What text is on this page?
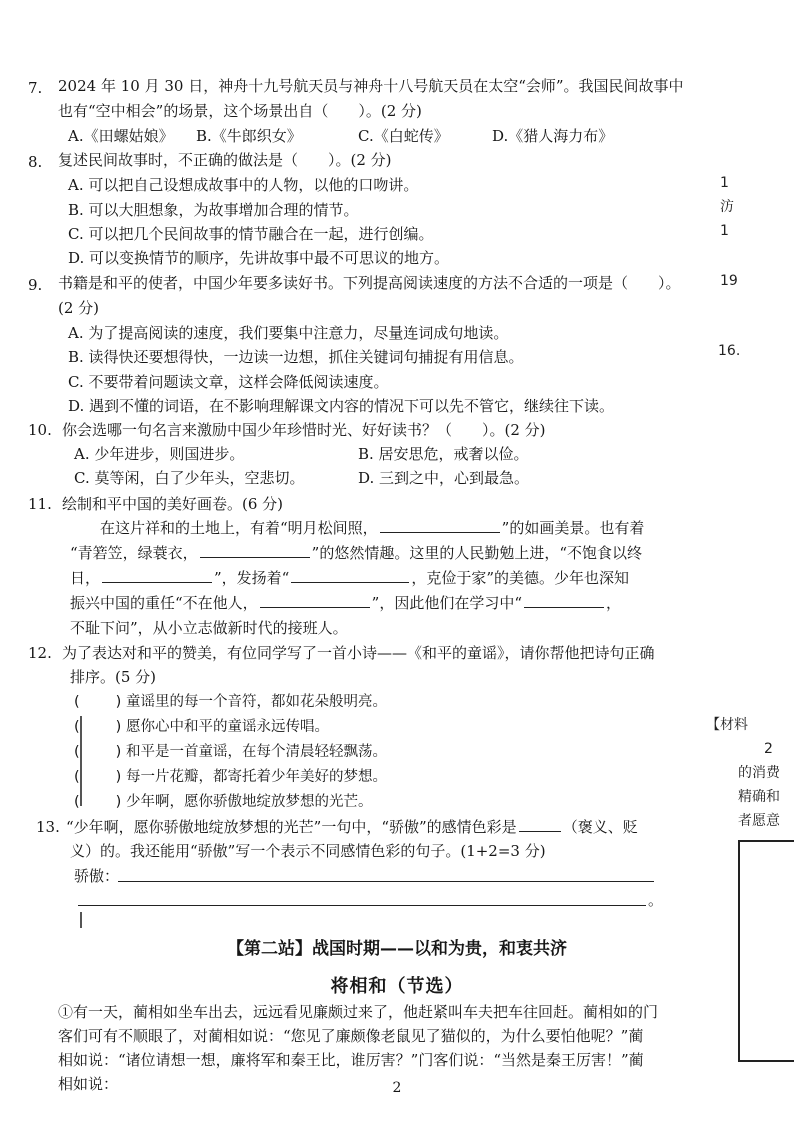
7. 2024 年 10 月 30 日，神舟十九号航天员与神舟十八号航天员在太空“会师”。我国民间故事中
也有“空中相会”的场景，这个场景出自（　　）。(2 分)
A.《田螺姑娘》 B.《牛郎织女》	C.《白蛇传》	D.《猎人海力布》
8. 复述民间故事时，不正确的做法是（　　）。(2 分)
A. 可以把自己设想成故事中的人物，以他的口吻讲。
B. 可以大胆想象，为故事增加合理的情节。
C. 可以把几个民间故事的情节融合在一起，进行创编。
D. 可以变换情节的顺序，先讲故事中最不可思议的地方。
9. 书籍是和平的使者，中国少年要多读好书。下列提高阅读速度的方法不合适的一项是（　　）。
(2 分)
A. 为了提高阅读的速度，我们要集中注意力，尽量连词成句地读。
B. 读得快还要想得快，一边读一边想，抓住关键词句捕捉有用信息。
C. 不要带着问题读文章，这样会降低阅读速度。
D. 遇到不懂的词语，在不影响理解课文内容的情况下可以先不管它，继续往下读。
10. 你会选哪一句名言来激励中国少年珍惜时光、好好读书？（　　）。(2 分)
A. 少年进步，则国进步。	B. 居安思危，戒奢以俭。
C. 莫等闲，白了少年头，空悲切。	D. 三到之中，心到最急。
11. 绘制和平中国的美好画卷。(6 分)
在这片祥和的土地上，有着“明月松间照，	”的如画美景。也有着
“青箬笠，绿蓑衣，	”的悠然情趣。这里的人民勤勉上进，“不饱食以终
日，	”，发扬着“	，克俭于家”的美德。少年也深知
振兴中国的重任“不在他人，	”，因此他们在学习中“	，
不耻下问”，从小立志做新时代的接班人。
12. 为了表达对和平的赞美，有位同学写了一首小诗——《和平的童谣》，请你帮他把诗句正确
排序。(5 分)
( ) 童谣里的每一个音符，都如花朵般明亮。
( ) 愿你心中和平的童谣永远传唱。
( ) 和平是一首童谣，在每个清晨轻轻飘荡。
( ) 每一片花瓣，都寄托着少年美好的梦想。
( ) 少年啊，愿你骄傲地绽放梦想的光芒。
13. “少年啊，愿你骄傲地绽放梦想的光芒”一句中，“骄傲”的感情色彩是	（褒义、贬
义）的。我还能用“骄傲”写一个表示不同感情色彩的句子。(1+2=3 分)
骄傲：
。
【第二站】战国时期——以和为贵，和衷共济
将相和（节选）
①有一天，蔺相如坐车出去，远远看见廉颇过来了，他赶紧叫车夫把车往回赶。蔺相如的门客们可有不顺眼了，对蔺相如说：“您见了廉颇像老鼠见了猫似的，为什么要怕他呢？”蔺相如说：“诸位请想一想，廉将军和秦王比，谁厉害？”门客们说：“当然是秦王厉害！”蔺相如说：	2
1
汸
1
19
16.
【材料
2
的消费
精确和
者愿意
